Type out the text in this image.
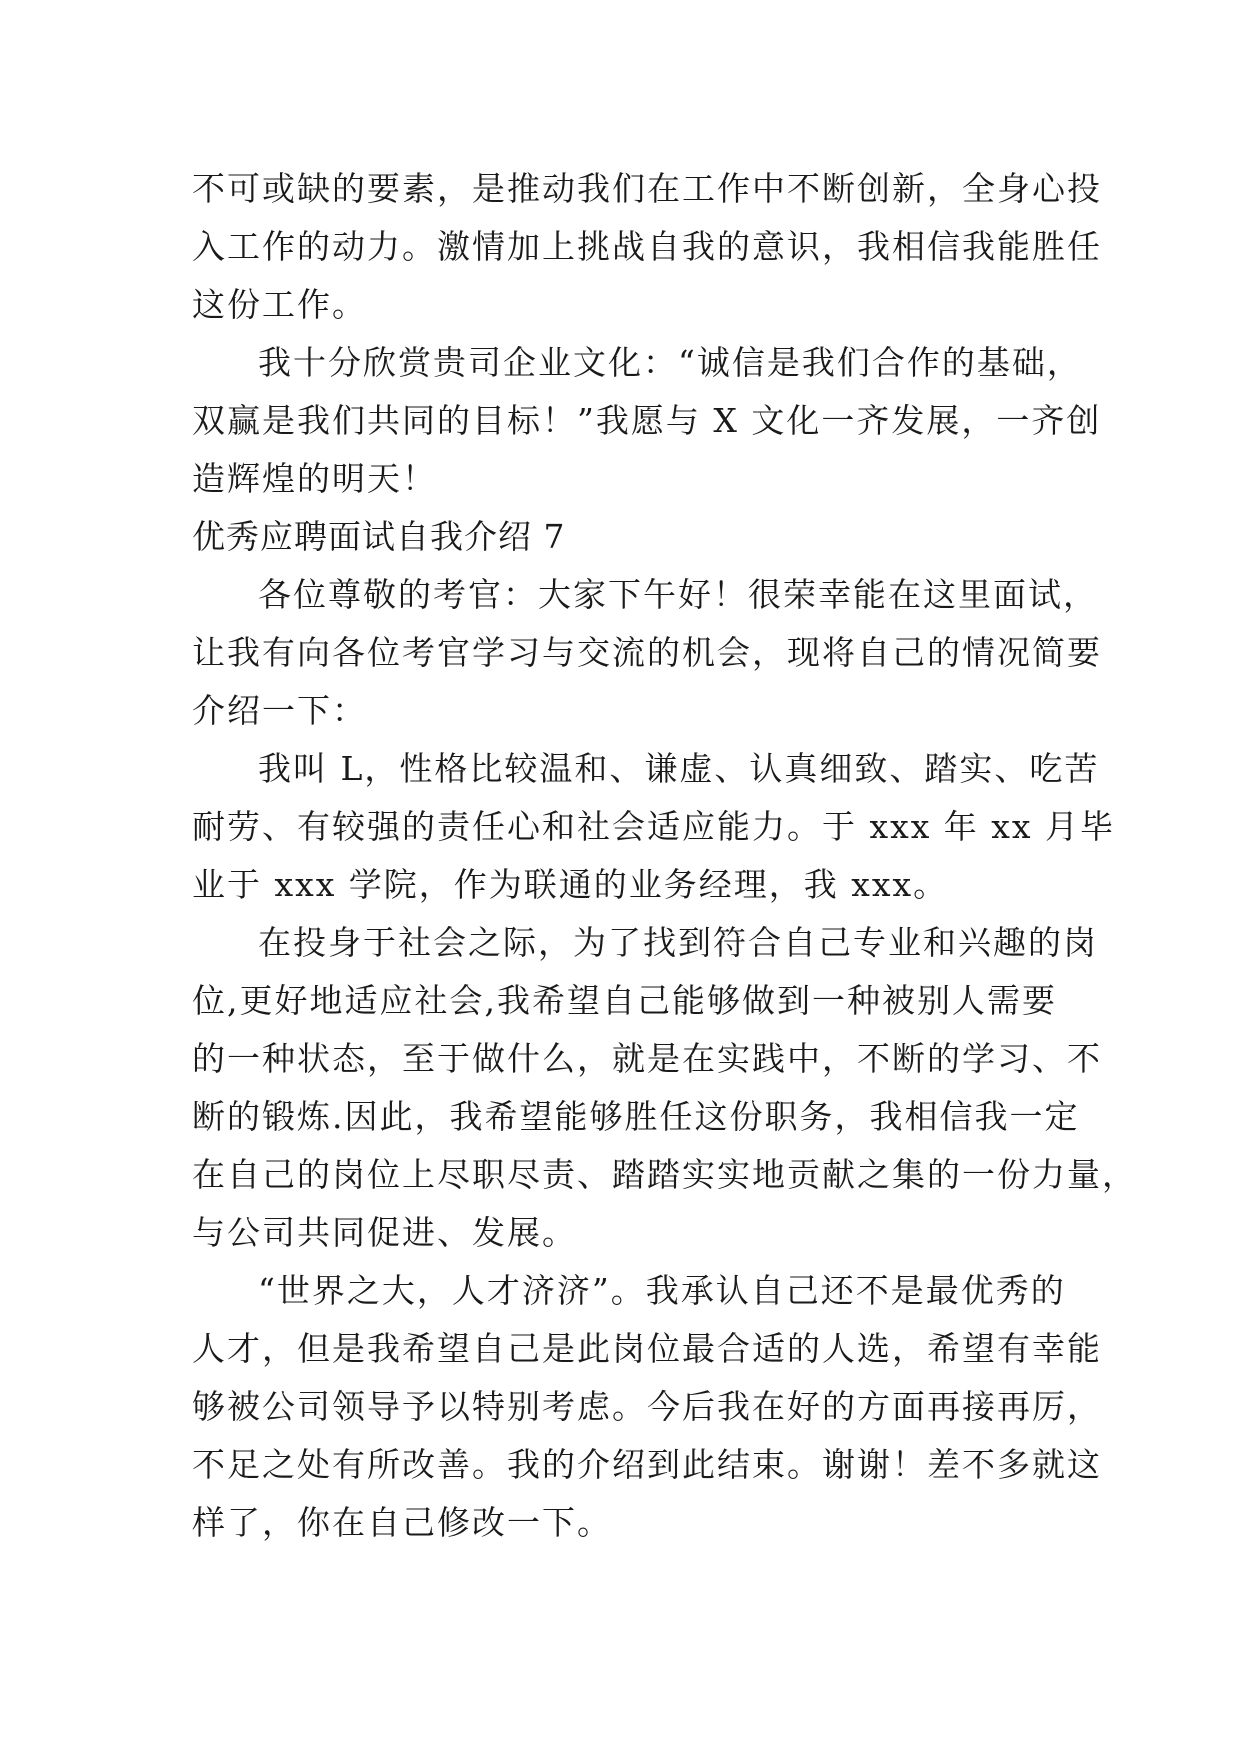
不可或缺的要素，是推动我们在工作中不断创新，全身心投
入工作的动力。激情加上挑战自我的意识，我相信我能胜任
这份工作。
我十分欣赏贵司企业文化：“诚信是我们合作的基础，
双赢是我们共同的目标！”我愿与 X 文化一齐发展，一齐创
造辉煌的明天！
优秀应聘面试自我介绍 7
各位尊敬的考官：大家下午好！很荣幸能在这里面试，
让我有向各位考官学习与交流的机会，现将自己的情况简要
介绍一下：
我叫 L，性格比较温和、谦虚、认真细致、踏实、吃苦
耐劳、有较强的责任心和社会适应能力。于 xxx 年 xx 月毕
业于 xxx 学院，作为联通的业务经理，我 xxx。
在投身于社会之际，为了找到符合自己专业和兴趣的岗
位,更好地适应社会,我希望自己能够做到一种被别人需要
的一种状态，至于做什么，就是在实践中，不断的学习、不
断的锻炼.因此，我希望能够胜任这份职务，我相信我一定
在自己的岗位上尽职尽责、踏踏实实地贡献之集的一份力量，
与公司共同促进、发展。
“世界之大，人才济济”。我承认自己还不是最优秀的
人才，但是我希望自己是此岗位最合适的人选，希望有幸能
够被公司领导予以特别考虑。今后我在好的方面再接再厉，
不足之处有所改善。我的介绍到此结束。谢谢！差不多就这
样了，你在自己修改一下。
